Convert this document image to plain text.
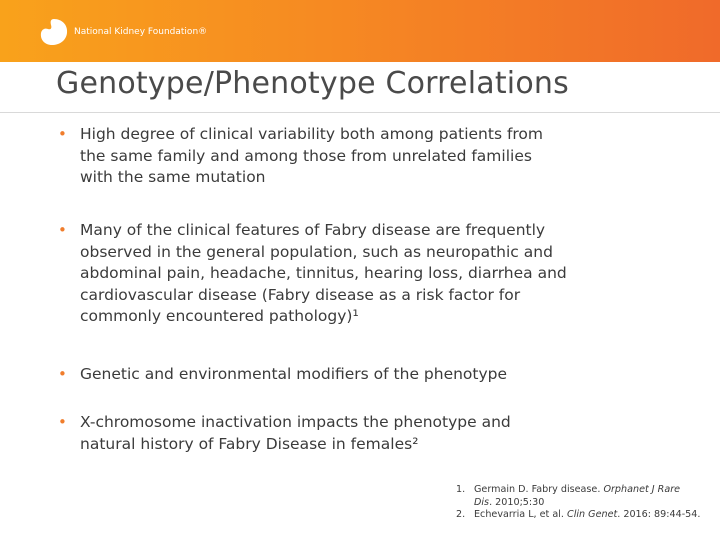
National Kidney Foundation®
Genotype/Phenotype Correlations
• High degree of clinical variability both among patients from
the same family and among those from unrelated families
with the same mutation
• Many of the clinical features of Fabry disease are frequently
observed in the general population, such as neuropathic and
abdominal pain, headache, tinnitus, hearing loss, diarrhea and
cardiovascular disease (Fabry disease as a risk factor for
commonly encountered pathology)¹
• Genetic and environmental modifiers of the phenotype
• X-chromosome inactivation impacts the phenotype and
natural history of Fabry Disease in females²
1. Germain D. Fabry disease. Orphanet J Rare
Dis. 2010;5:30
2. Echevarria L, et al. Clin Genet. 2016: 89:44-54.
